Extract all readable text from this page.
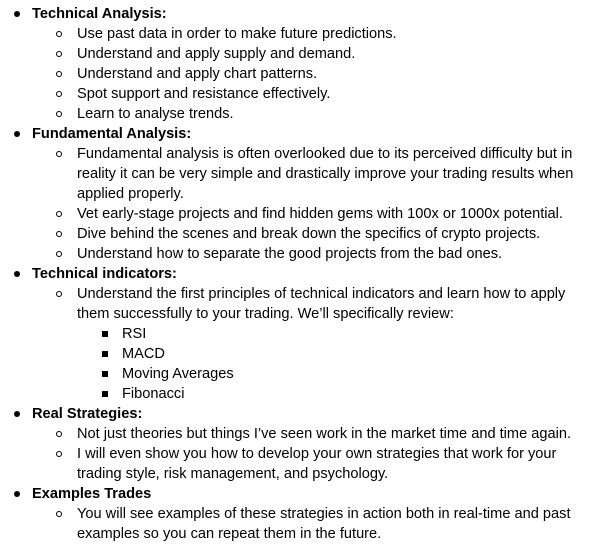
Technical Analysis:
Use past data in order to make future predictions.
Understand and apply supply and demand.
Understand and apply chart patterns.
Spot support and resistance effectively.
Learn to analyse trends.
Fundamental Analysis:
Fundamental analysis is often overlooked due to its perceived difficulty but in
reality it can be very simple and drastically improve your trading results when
applied properly.
Vet early-stage projects and find hidden gems with 100x or 1000x potential.
Dive behind the scenes and break down the specifics of crypto projects.
Understand how to separate the good projects from the bad ones.
Technical indicators:
Understand the first principles of technical indicators and learn how to apply
them successfully to your trading. We’ll specifically review:
RSI
MACD
Moving Averages
Fibonacci
Real Strategies:
Not just theories but things I’ve seen work in the market time and time again.
I will even show you how to develop your own strategies that work for your
trading style, risk management, and psychology.
Examples Trades
You will see examples of these strategies in action both in real-time and past
examples so you can repeat them in the future.
